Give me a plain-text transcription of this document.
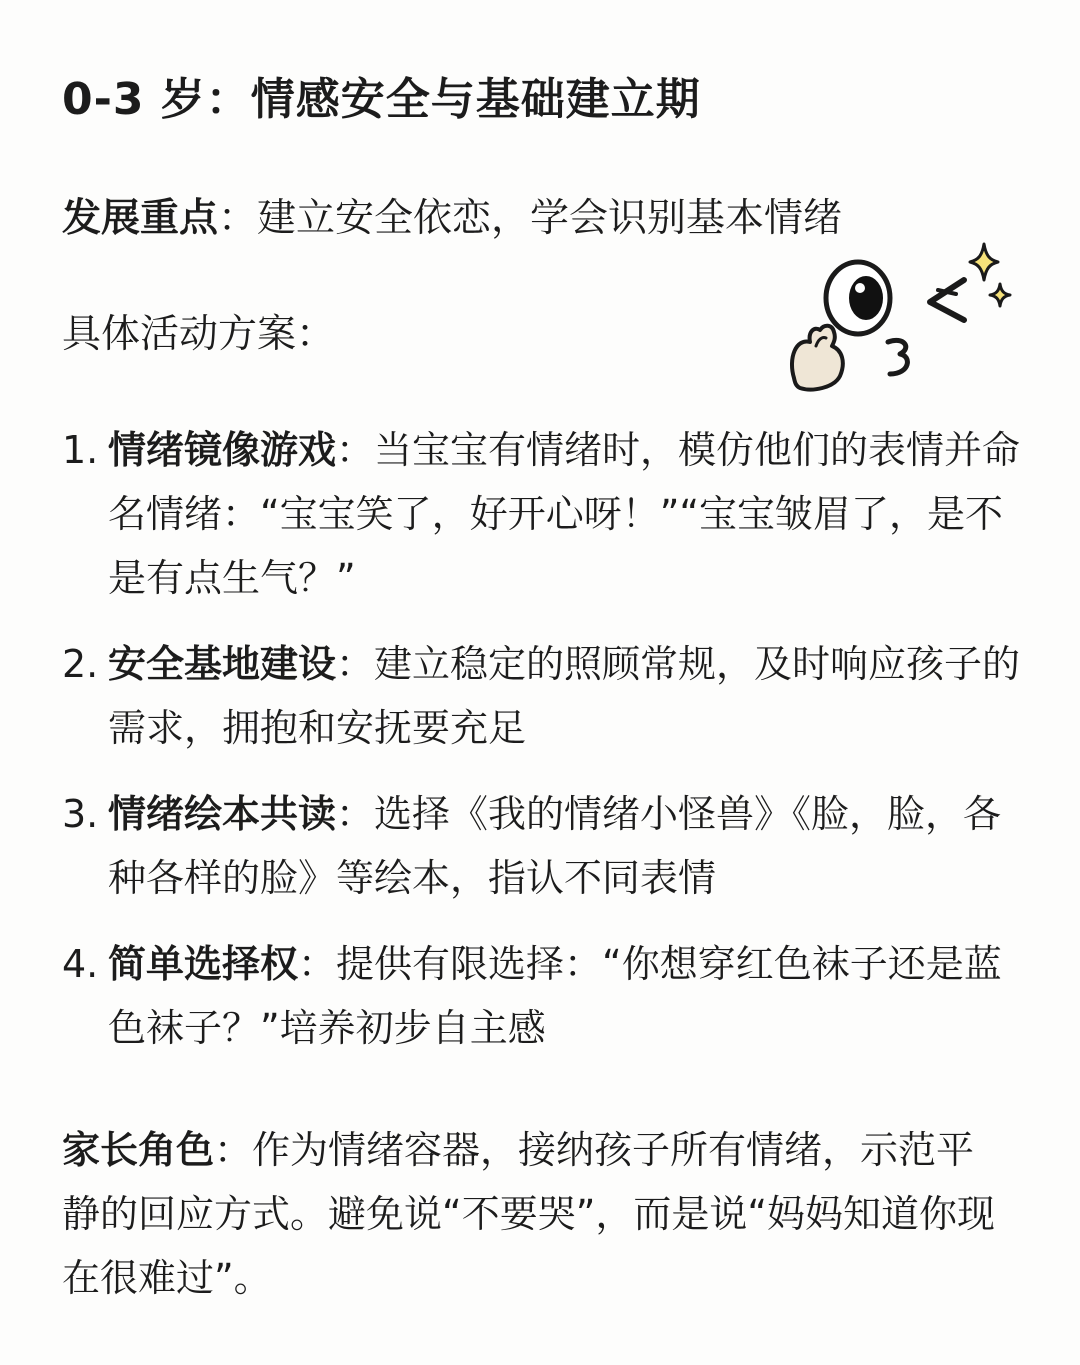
0-3 岁：情感安全与基础建立期
发展重点：建立安全依恋，学会识别基本情绪
具体活动方案：
1. 情绪镜像游戏：当宝宝有情绪时，模仿他们的表情并命名情绪：“宝宝笑了，好开心呀！”“宝宝皱眉了，是不是有点生气？”
2. 安全基地建设：建立稳定的照顾常规，及时响应孩子的需求，拥抱和安抚要充足
3. 情绪绘本共读：选择《我的情绪小怪兽》《脸，脸，各种各样的脸》等绘本，指认不同表情
4. 简单选择权：提供有限选择：“你想穿红色袜子还是蓝色袜子？”培养初步自主感
家长角色：作为情绪容器，接纳孩子所有情绪，示范平静的回应方式。避免说“不要哭”，而是说“妈妈知道你现在很难过”。
